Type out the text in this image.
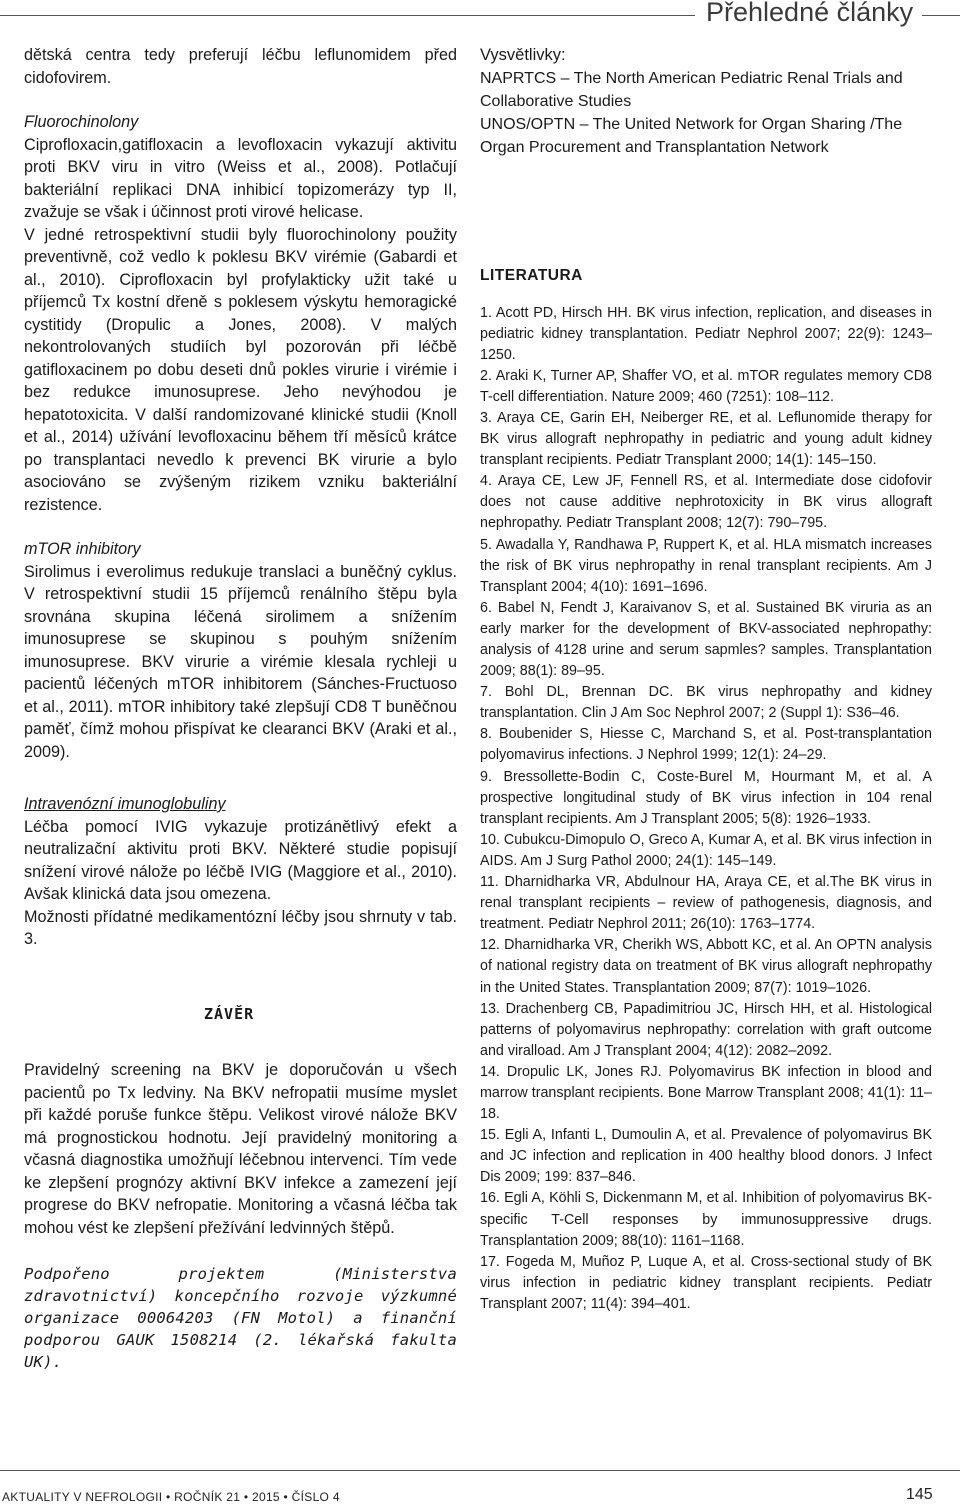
Přehledné články

dětská centra tedy preferují léčbu leflunomidem před cidofovirem.

Fluorochinolony

Ciprofloxacin,gatifloxacin a levofloxacin vykazují aktivitu proti BKV viru in vitro (Weiss et al., 2008). Potlačují bakteriální replikaci DNA inhibicí topizomerázy typ II, zvažuje se však i účinnost proti virové helicase.

V jedné retrospektivní studii byly fluorochinolony použity preventivně, což vedlo k poklesu BKV virémie (Gabardi et al., 2010). Ciprofloxacin byl profylakticky užit také u příjemců Tx kostní dřeně s poklesem výskytu hemoragické cystitidy (Dropulic a Jones, 2008). V malých nekontrolovaných studiích byl pozorován při léčbě gatifloxacinem po dobu deseti dnů pokles virurie i virémie i bez redukce imunosuprese. Jeho nevýhodou je hepatotoxicita. V další randomizované klinické studii (Knoll et al., 2014) užívání levofloxacinu během tří měsíců krátce po transplantaci nevedlo k prevenci BK virurie a bylo asociováno se zvýšeným rizikem vzniku bakteriální rezistence.

mTOR inhibitory

Sirolimus i everolimus redukuje translaci a buněčný cyklus. V retrospektivní studii 15 příjemců renálního štěpu byla srovnána skupina léčená sirolimem a snížením imunosuprese se skupinou s pouhým snížením imunosuprese. BKV virurie a virémie klesala rychleji u pacientů léčených mTOR inhibitorem (Sánches-Fructuoso et al., 2011). mTOR inhibitory také zlepšují CD8 T buněčnou paměť, čímž mohou přispívat ke clearanci BKV (Araki et al., 2009).

Intravenózní imunoglobuliny

Léčba pomocí IVIG vykazuje protizánětlivý efekt a neutralizační aktivitu proti BKV. Některé studie popisují snížení virové nálože po léčbě IVIG (Maggiore et al., 2010). Avšak klinická data jsou omezena.

Možnosti přídatné medikamentózní léčby jsou shrnuty v tab. 3.

ZÁVĚR

Pravidelný screening na BKV je doporučován u všech pacientů po Tx ledviny. Na BKV nefropatii musíme myslet při každé poruše funkce štěpu. Velikost virové nálože BKV má prognostickou hodnotu. Její pravidelný monitoring a včasná diagnostika umožňují léčebnou intervenci. Tím vede ke zlepšení prognózy aktivní BKV infekce a zamezení její progrese do BKV nefropatie. Monitoring a včasná léčba tak mohou vést ke zlepšení přežívání ledvinných štěpů.

Podpořeno projektem (Ministerstva zdravotnictví) koncepčního rozvoje výzkumné organizace 00064203 (FN Motol) a finanční podporou GAUK 1508214 (2. lékařská fakulta UK).

Vysvětlivky:

NAPRTCS – The North American Pediatric Renal Trials and Collaborative Studies

UNOS/OPTN – The United Network for Organ Sharing /The Organ Procurement and Transplantation Network

LITERATURA

1. Acott PD, Hirsch HH. BK virus infection, replication, and diseases in pediatric kidney transplantation. Pediatr Nephrol 2007; 22(9): 1243–1250.

2. Araki K, Turner AP, Shaffer VO, et al. mTOR regulates memory CD8 T-cell differentiation. Nature 2009; 460 (7251): 108–112.

3. Araya CE, Garin EH, Neiberger RE, et al. Leflunomide therapy for BK virus allograft nephropathy in pediatric and young adult kidney transplant recipients. Pediatr Transplant 2000; 14(1): 145–150.

4. Araya CE, Lew JF, Fennell RS, et al. Intermediate dose cidofovir does not cause additive nephrotoxicity in BK virus allograft nephropathy. Pediatr Transplant 2008; 12(7): 790–795.

5. Awadalla Y, Randhawa P, Ruppert K, et al. HLA mismatch increases the risk of BK virus nephropathy in renal transplant recipients. Am J Transplant 2004; 4(10): 1691–1696.

6. Babel N, Fendt J, Karaivanov S, et al. Sustained BK viruria as an early marker for the development of BKV-associated nephropathy: analysis of 4128 urine and serum sapmles? samples. Transplantation 2009; 88(1): 89–95.

7. Bohl DL, Brennan DC. BK virus nephropathy and kidney transplantation. Clin J Am Soc Nephrol 2007; 2 (Suppl 1): S36–46.

8. Boubenider S, Hiesse C, Marchand S, et al. Post-transplantation polyomavirus infections. J Nephrol 1999; 12(1): 24–29.

9. Bressollette-Bodin C, Coste-Burel M, Hourmant M, et al. A prospective longitudinal study of BK virus infection in 104 renal transplant recipients. Am J Transplant 2005; 5(8): 1926–1933.

10. Cubukcu-Dimopulo O, Greco A, Kumar A, et al. BK virus infection in AIDS. Am J Surg Pathol 2000; 24(1): 145–149.

11. Dharnidharka VR, Abdulnour HA, Araya CE, et al.The BK virus in renal transplant recipients – review of pathogenesis, diagnosis, and treatment. Pediatr Nephrol 2011; 26(10): 1763–1774.

12. Dharnidharka VR, Cherikh WS, Abbott KC, et al. An OPTN analysis of national registry data on treatment of BK virus allograft nephropathy in the United States. Transplantation 2009; 87(7): 1019–1026.

13. Drachenberg CB, Papadimitriou JC, Hirsch HH, et al. Histological patterns of polyomavirus nephropathy: correlation with graft outcome and viralload. Am J Transplant 2004; 4(12): 2082–2092.

14. Dropulic LK, Jones RJ. Polyomavirus BK infection in blood and marrow transplant recipients. Bone Marrow Transplant 2008; 41(1): 11–18.

15. Egli A, Infanti L, Dumoulin A, et al. Prevalence of polyomavirus BK and JC infection and replication in 400 healthy blood donors. J Infect Dis 2009; 199: 837–846.

16. Egli A, Köhli S, Dickenmann M, et al. Inhibition of polyomavirus BK-specific T-Cell responses by immunosuppressive drugs. Transplantation 2009; 88(10): 1161–1168.

17. Fogeda M, Muñoz P, Luque A, et al. Cross-sectional study of BK virus infection in pediatric kidney transplant recipients. Pediatr Transplant 2007; 11(4): 394–401.

AKTUALITY V NEFROLOGII • ROČNÍK 21 • 2015 • ČÍSLO 4	145
